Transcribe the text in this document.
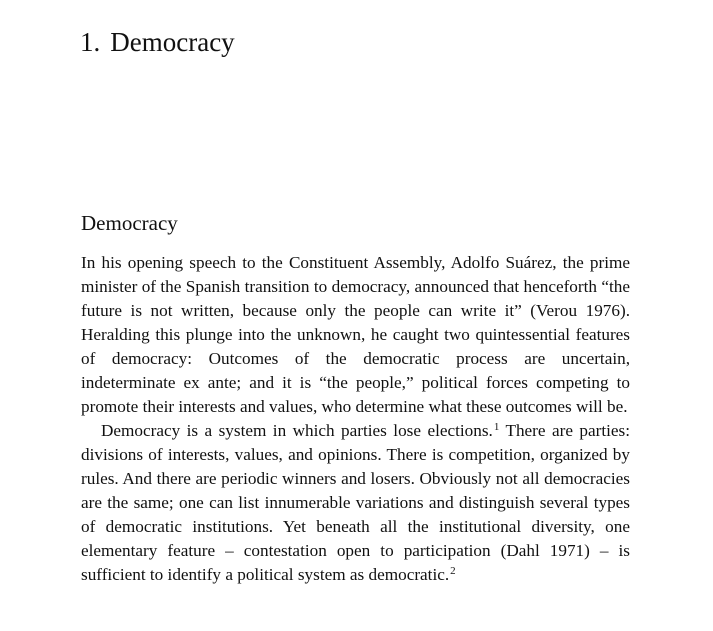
1. Democracy
Democracy

In his opening speech to the Constituent Assembly, Adolfo Suárez, the prime minister of the Spanish transition to democracy, announced that henceforth “the future is not written, because only the people can write it” (Verou 1976). Heralding this plunge into the unknown, he caught two quintessential features of democracy: Outcomes of the democratic process are uncertain, indeterminate ex ante; and it is “the people,” political forces competing to promote their interests and values, who determine what these outcomes will be.

Democracy is a system in which parties lose elections.$^1$ There are parties: divisions of interests, values, and opinions. There is competition, organized by rules. And there are periodic winners and losers. Obviously not all democracies are the same; one can list innumerable variations and distinguish several types of democratic institutions. Yet beneath all the institutional diversity, one elementary feature – contestation open to participation (Dahl 1971) – is sufficient to identify a political system as democratic.$^2$
